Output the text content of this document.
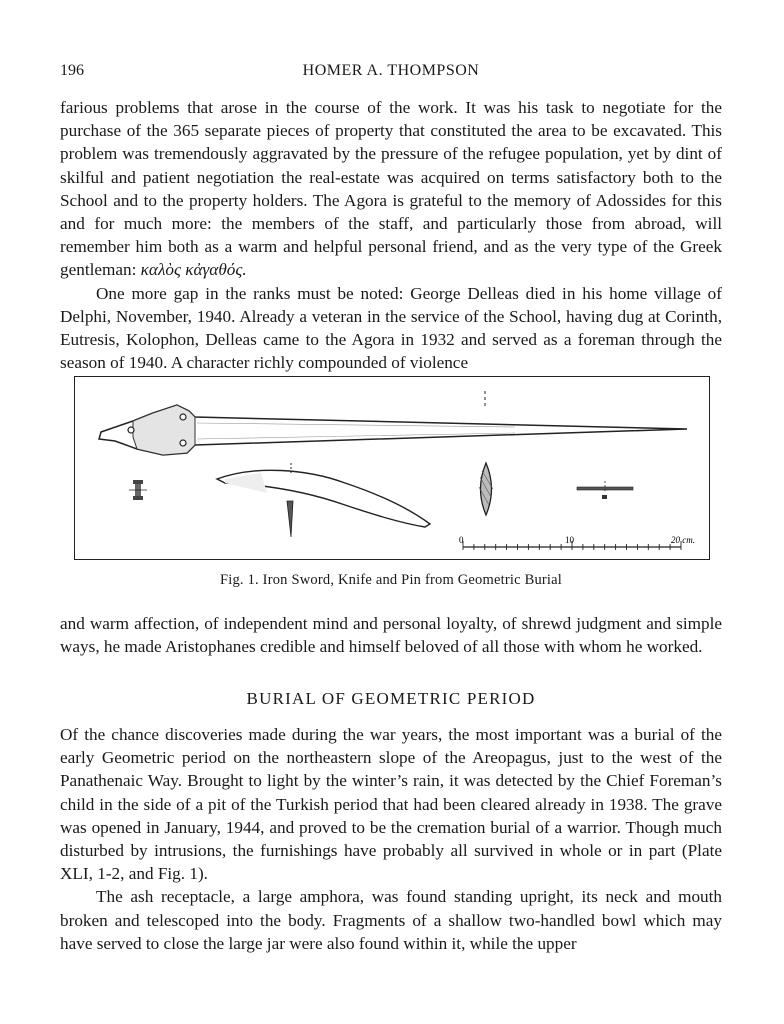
196	HOMER A. THOMPSON

farious problems that arose in the course of the work. It was his task to negotiate for the purchase of the 365 separate pieces of property that constituted the area to be excavated. This problem was tremendously aggravated by the pressure of the refugee population, yet by dint of skilful and patient negotiation the real-estate was acquired on terms satisfactory both to the School and to the property holders. The Agora is grateful to the memory of Adossides for this and for much more: the members of the staff, and particularly those from abroad, will remember him both as a warm and helpful personal friend, and as the very type of the Greek gentleman: καλὸς κἀγαθός.

One more gap in the ranks must be noted: George Delleas died in his home village of Delphi, November, 1940. Already a veteran in the service of the School, having dug at Corinth, Eutresis, Kolophon, Delleas came to the Agora in 1932 and served as a foreman through the season of 1940. A character richly compounded of violence

0	10	20 cm.
Fig. 1. Iron Sword, Knife and Pin from Geometric Burial

and warm affection, of independent mind and personal loyalty, of shrewd judgment and simple ways, he made Aristophanes credible and himself beloved of all those with whom he worked.

BURIAL OF GEOMETRIC PERIOD

Of the chance discoveries made during the war years, the most important was a burial of the early Geometric period on the northeastern slope of the Areopagus, just to the west of the Panathenaic Way. Brought to light by the winter’s rain, it was detected by the Chief Foreman’s child in the side of a pit of the Turkish period that had been cleared already in 1938. The grave was opened in January, 1944, and proved to be the cremation burial of a warrior. Though much disturbed by intrusions, the furnishings have probably all survived in whole or in part (Plate XLI, 1-2, and Fig. 1).

The ash receptacle, a large amphora, was found standing upright, its neck and mouth broken and telescoped into the body. Fragments of a shallow two-handled bowl which may have served to close the large jar were also found within it, while the upper
